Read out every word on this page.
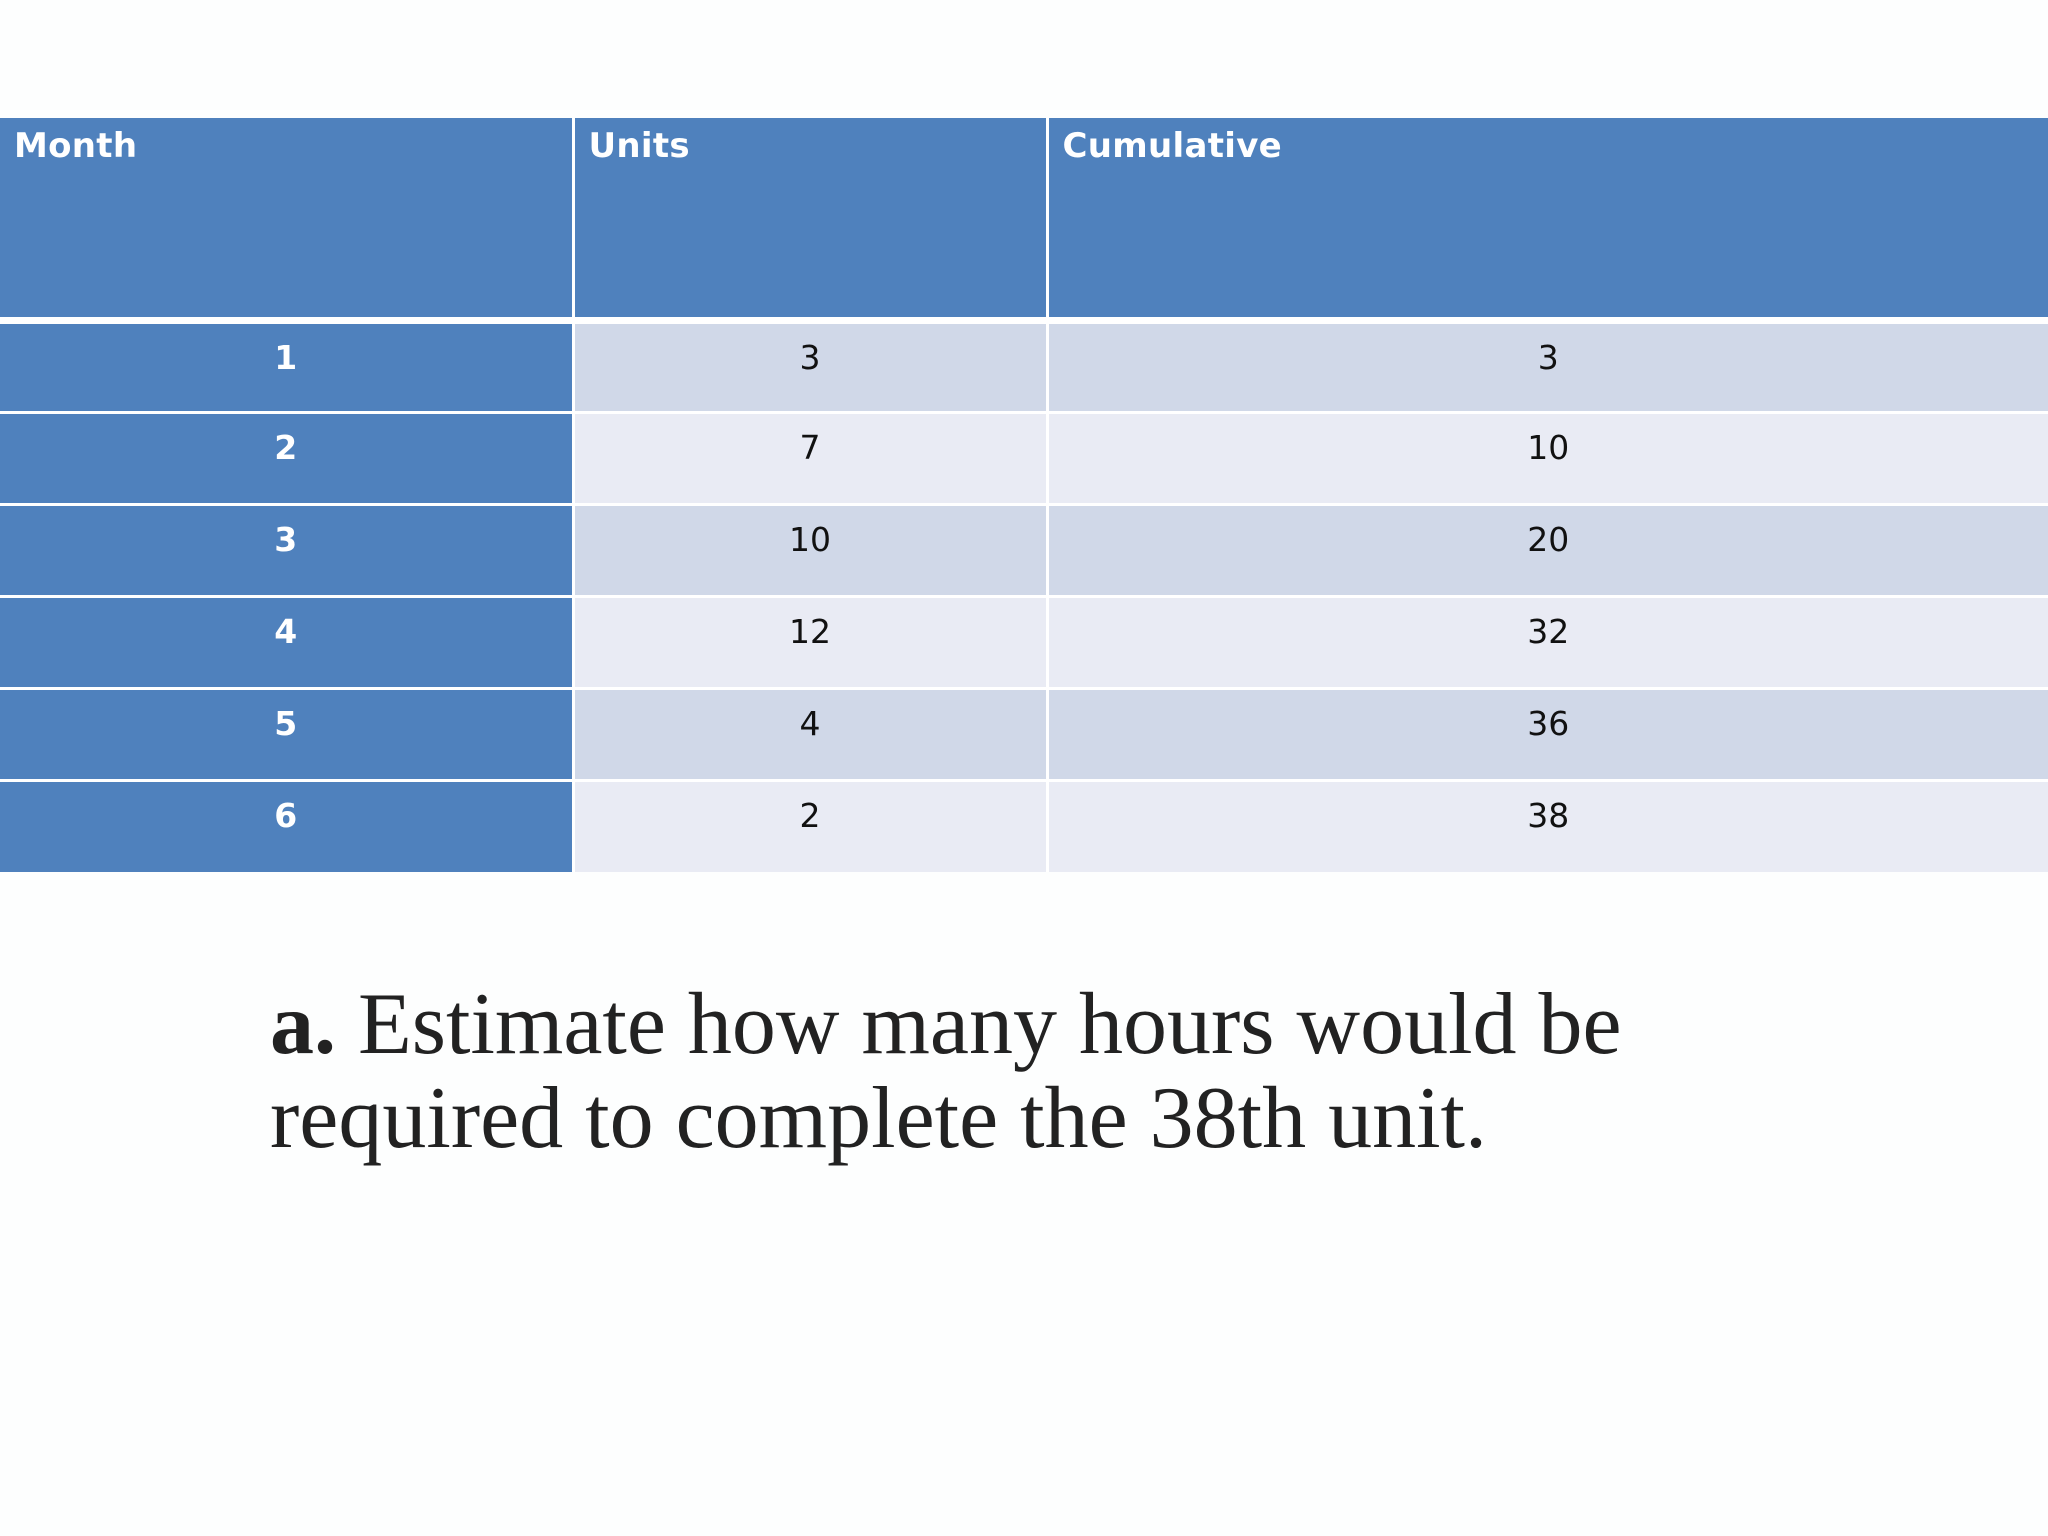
Month	Units	Cumulative
1	3	3
2	7	10
3	10	20
4	12	32
5	4	36
6	2	38

a. Estimate how many hours would be required to complete the 38th unit.
